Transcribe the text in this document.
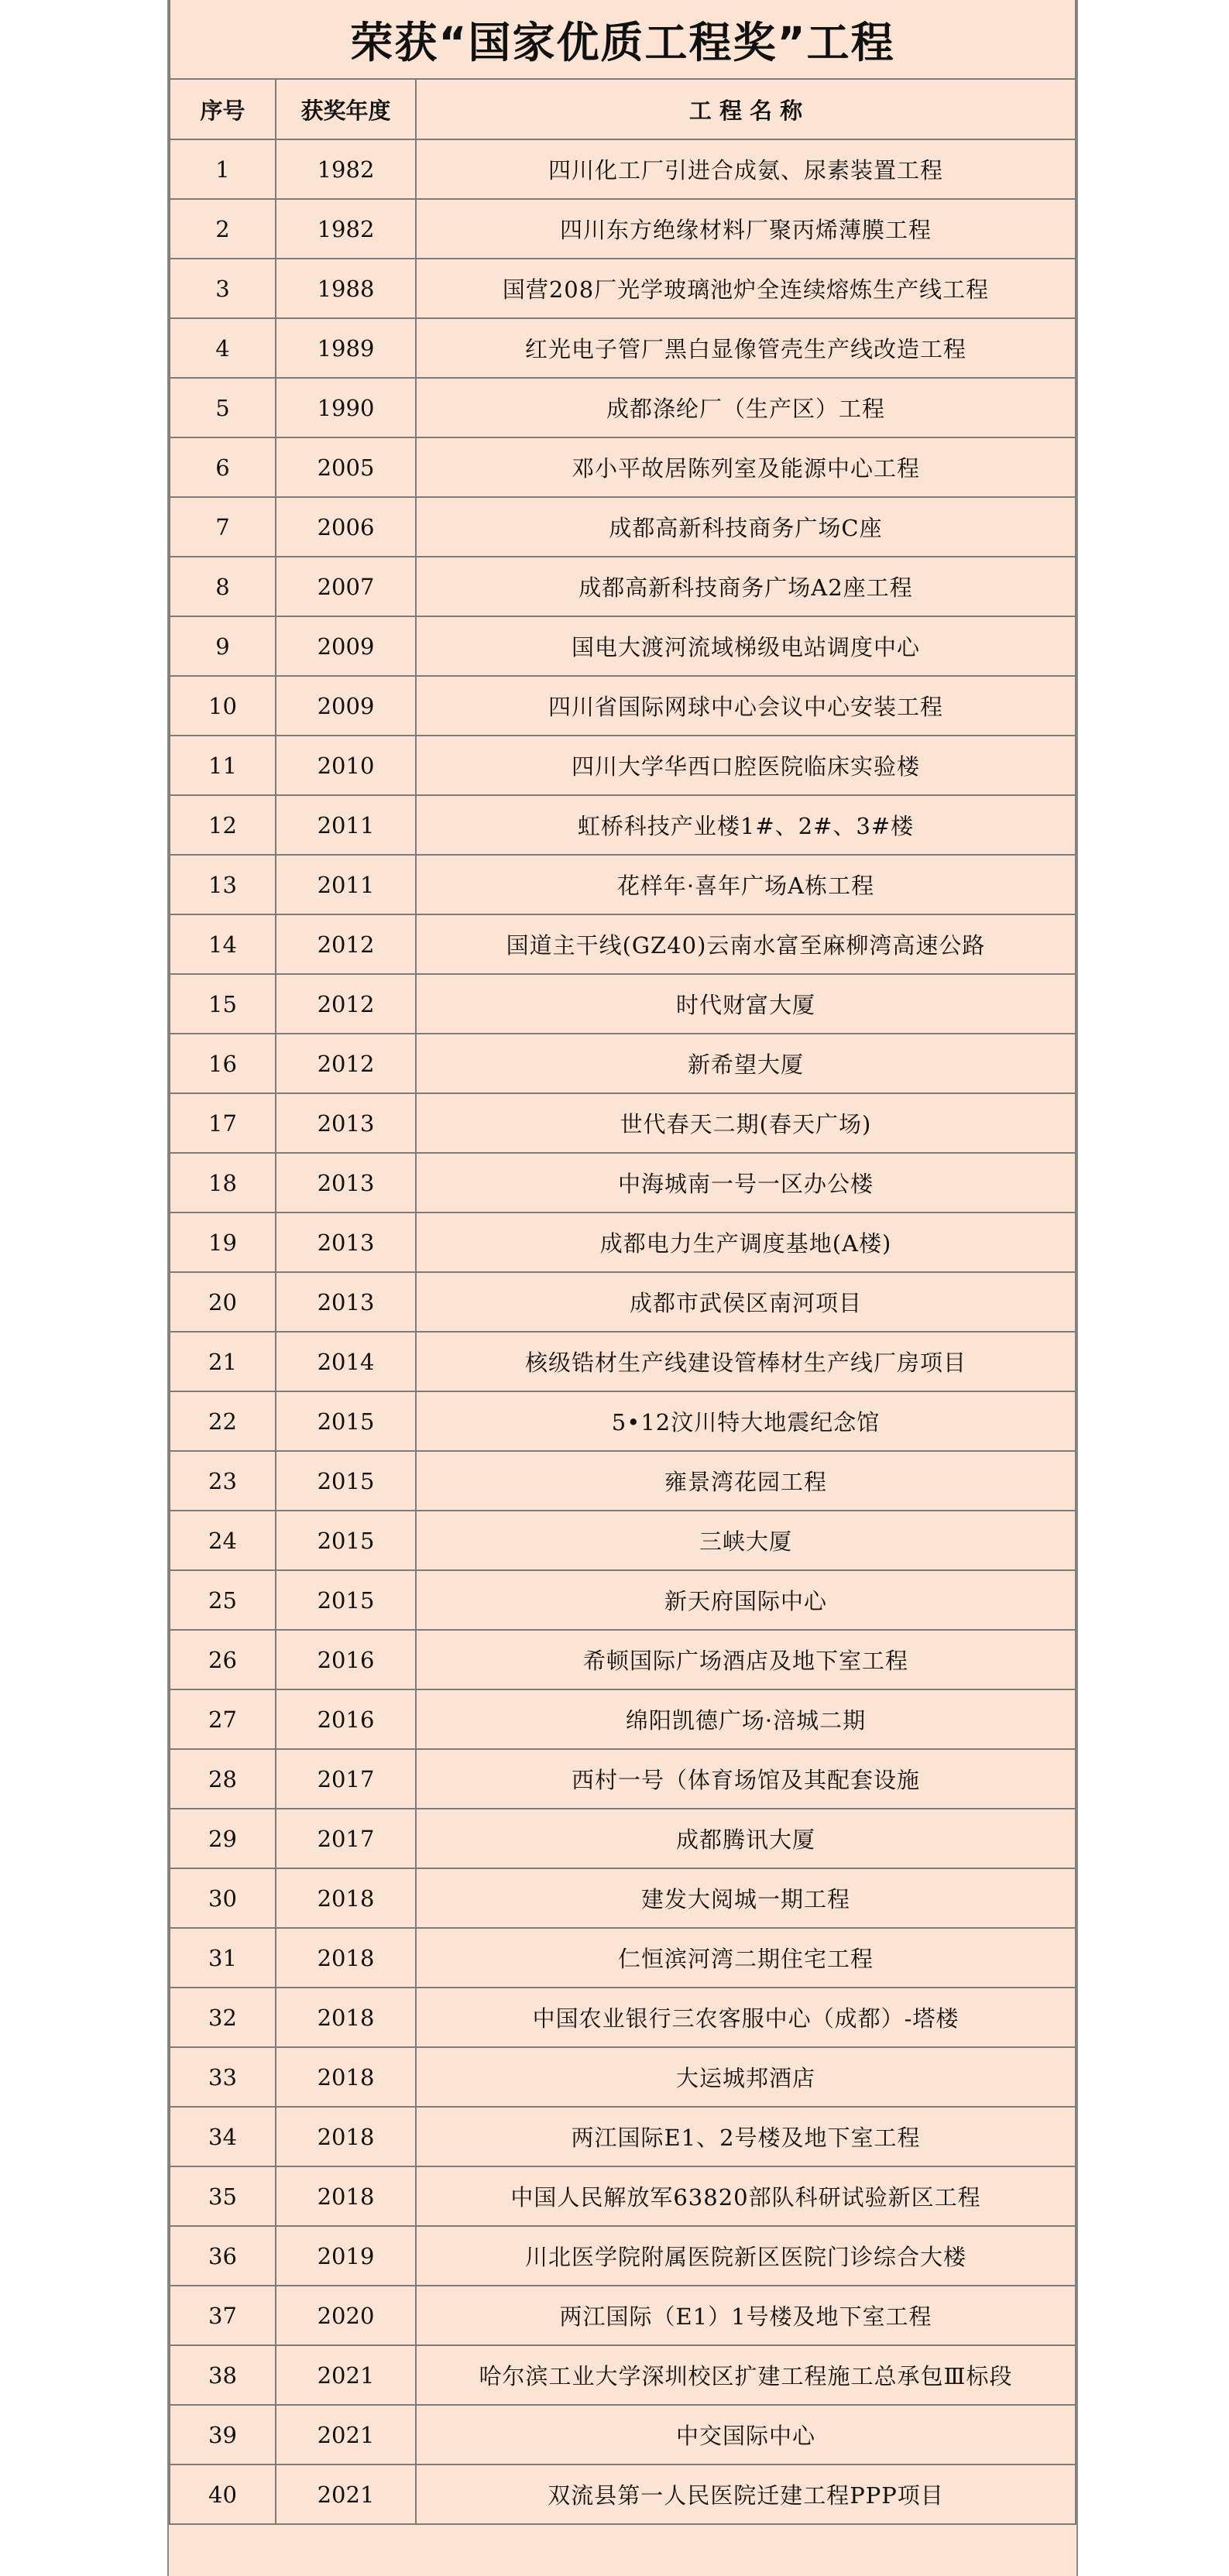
荣获“国家优质工程奖”工程		
序号	获奖年度	工 程 名 称
1	1982	四川化工厂引进合成氨、尿素装置工程
2	1982	四川东方绝缘材料厂聚丙烯薄膜工程
3	1988	国营208厂光学玻璃池炉全连续熔炼生产线工程
4	1989	红光电子管厂黑白显像管壳生产线改造工程
5	1990	成都涤纶厂（生产区）工程
6	2005	邓小平故居陈列室及能源中心工程
7	2006	成都高新科技商务广场C座
8	2007	成都高新科技商务广场A2座工程
9	2009	国电大渡河流域梯级电站调度中心
10	2009	四川省国际网球中心会议中心安装工程
11	2010	四川大学华西口腔医院临床实验楼
12	2011	虹桥科技产业楼1#、2#、3#楼
13	2011	花样年·喜年广场A栋工程
14	2012	国道主干线(GZ40)云南水富至麻柳湾高速公路
15	2012	时代财富大厦
16	2012	新希望大厦
17	2013	世代春天二期(春天广场)
18	2013	中海城南一号一区办公楼
19	2013	成都电力生产调度基地(A楼)
20	2013	成都市武侯区南河项目
21	2014	核级锆材生产线建设管棒材生产线厂房项目
22	2015	5•12汶川特大地震纪念馆
23	2015	雍景湾花园工程
24	2015	三峡大厦
25	2015	新天府国际中心
26	2016	希顿国际广场酒店及地下室工程
27	2016	绵阳凯德广场·涪城二期
28	2017	西村一号（体育场馆及其配套设施
29	2017	成都腾讯大厦
30	2018	建发大阅城一期工程
31	2018	仁恒滨河湾二期住宅工程
32	2018	中国农业银行三农客服中心（成都）-塔楼
33	2018	大运城邦酒店
34	2018	两江国际E1、2号楼及地下室工程
35	2018	中国人民解放军63820部队科研试验新区工程
36	2019	川北医学院附属医院新区医院门诊综合大楼
37	2020	两江国际（E1）1号楼及地下室工程
38	2021	哈尔滨工业大学深圳校区扩建工程施工总承包Ⅲ标段
39	2021	中交国际中心
40	2021	双流县第一人民医院迁建工程PPP项目
